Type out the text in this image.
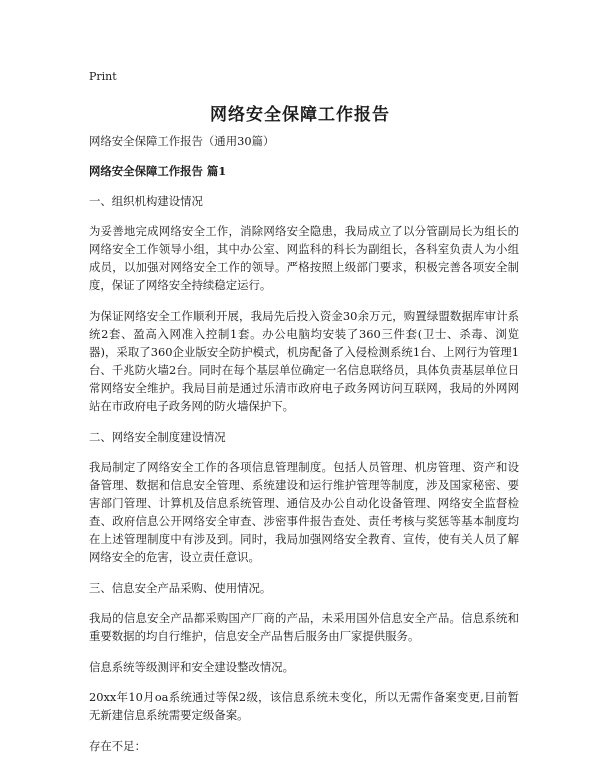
Print
网络安全保障工作报告

网络安全保障工作报告（通用30篇）

网络安全保障工作报告 篇1

一、组织机构建设情况

为妥善地完成网络安全工作，消除网络安全隐患，我局成立了以分管副局长为组长的网络安全工作领导小组，其中办公室、网监科的科长为副组长，各科室负责人为小组成员，以加强对网络安全工作的领导。严格按照上级部门要求，积极完善各项安全制度，保证了网络安全持续稳定运行。

为保证网络安全工作顺利开展，我局先后投入资金30余万元，购置绿盟数据库审计系统2套、盈高入网准入控制1套。办公电脑均安装了360三件套(卫士、杀毒、浏览器)，采取了360企业版安全防护模式，机房配备了入侵检测系统1台、上网行为管理1台、千兆防火墙2台。同时在每个基层单位确定一名信息联络员，具体负责基层单位日常网络安全维护。我局目前是通过乐清市政府电子政务网访问互联网，我局的外网网站在市政府电子政务网的防火墙保护下。

二、网络安全制度建设情况

我局制定了网络安全工作的各项信息管理制度。包括人员管理、机房管理、资产和设备管理、数据和信息安全管理、系统建设和运行维护管理等制度，涉及国家秘密、要害部门管理、计算机及信息系统管理、通信及办公自动化设备管理、网络安全监督检查、政府信息公开网络安全审查、涉密事件报告查处、责任考核与奖惩等基本制度均在上述管理制度中有涉及到。同时，我局加强网络安全教育、宣传，使有关人员了解网络安全的危害，设立责任意识。

三、信息安全产品采购、使用情况。

我局的信息安全产品都采购国产厂商的产品，未采用国外信息安全产品。信息系统和重要数据的均自行维护，信息安全产品售后服务由厂家提供服务。

信息系统等级测评和安全建设整改情况。

20xx年10月oa系统通过等保2级，该信息系统未变化，所以无需作备案变更,目前暂无新建信息系统需要定级备案。

存在不足：
